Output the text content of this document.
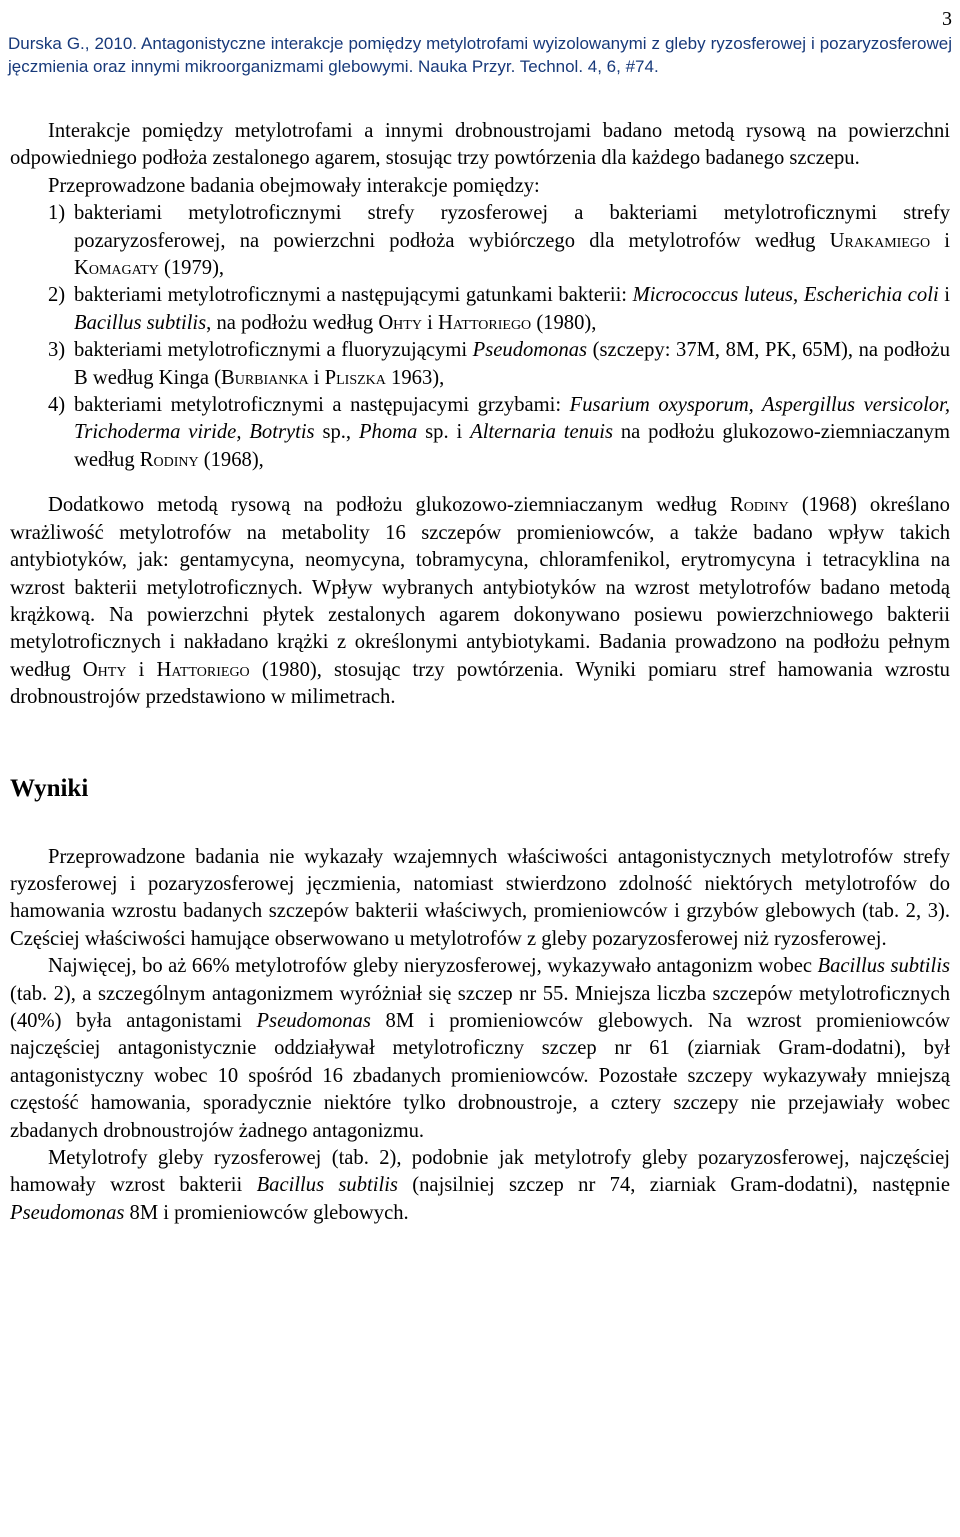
3
Durska G., 2010. Antagonistyczne interakcje pomiędzy metylotrofami wyizolowanymi z gleby ryzosferowej i pozaryzosferowej jęczmienia oraz innymi mikroorganizmami glebowymi. Nauka Przyr. Technol. 4, 6, #74.

Interakcje pomiędzy metylotrofami a innymi drobnoustrojami badano metodą rysową na powierzchni odpowiedniego podłoża zestalonego agarem, stosując trzy powtórzenia dla każdego badanego szczepu.

Przeprowadzone badania obejmowały interakcje pomiędzy:

1) bakteriami metylotroficznymi strefy ryzosferowej a bakteriami metylotroficznymi strefy pozaryzosferowej, na powierzchni podłoża wybiórczego dla metylotrofów według Urakamiego i Komagaty (1979),
2) bakteriami metylotroficznymi a następującymi gatunkami bakterii: Micrococcus luteus, Escherichia coli i Bacillus subtilis, na podłożu według Ohty i Hattoriego (1980),
3) bakteriami metylotroficznymi a fluoryzującymi Pseudomonas (szczepy: 37M, 8M, PK, 65M), na podłożu B według Kinga (Burbianka i Pliszka 1963),
4) bakteriami metylotroficznymi a następujacymi grzybami: Fusarium oxysporum, Aspergillus versicolor, Trichoderma viride, Botrytis sp., Phoma sp. i Alternaria tenuis na podłożu glukozowo-ziemniaczanym według Rodiny (1968),

Dodatkowo metodą rysową na podłożu glukozowo-ziemniaczanym według Rodiny (1968) określano wrażliwość metylotrofów na metabolity 16 szczepów promieniowców, a także badano wpływ takich antybiotyków, jak: gentamycyna, neomycyna, tobramycyna, chloramfenikol, erytromycyna i tetracyklina na wzrost bakterii metylotroficznych. Wpływ wybranych antybiotyków na wzrost metylotrofów badano metodą krążkową. Na powierzchni płytek zestalonych agarem dokonywano posiewu powierzchniowego bakterii metylotroficznych i nakładano krążki z określonymi antybiotykami. Badania prowadzono na podłożu pełnym według Ohty i Hattoriego (1980), stosując trzy powtórzenia. Wyniki pomiaru stref hamowania wzrostu drobnoustrojów przedstawiono w milimetrach.

Wyniki

Przeprowadzone badania nie wykazały wzajemnych właściwości antagonistycznych metylotrofów strefy ryzosferowej i pozaryzosferowej jęczmienia, natomiast stwierdzono zdolność niektórych metylotrofów do hamowania wzrostu badanych szczepów bakterii właściwych, promieniowców i grzybów glebowych (tab. 2, 3). Częściej właściwości hamujące obserwowano u metylotrofów z gleby pozaryzosferowej niż ryzosferowej.

Najwięcej, bo aż 66% metylotrofów gleby nieryzosferowej, wykazywało antagonizm wobec Bacillus subtilis (tab. 2), a szczególnym antagonizmem wyróżniał się szczep nr 55. Mniejsza liczba szczepów metylotroficznych (40%) była antagonistami Pseudomonas 8M i promieniowców glebowych. Na wzrost promieniowców najczęściej antagonistycznie oddziaływał metylotroficzny szczep nr 61 (ziarniak Gram-dodatni), był antagonistyczny wobec 10 spośród 16 zbadanych promieniowców. Pozostałe szczepy wykazywały mniejszą częstość hamowania, sporadycznie niektóre tylko drobnoustroje, a cztery szczepy nie przejawiały wobec zbadanych drobnoustrojów żadnego antagonizmu.

Metylotrofy gleby ryzosferowej (tab. 2), podobnie jak metylotrofy gleby pozaryzosferowej, najczęściej hamowały wzrost bakterii Bacillus subtilis (najsilniej szczep nr 74, ziarniak Gram-dodatni), następnie Pseudomonas 8M i promieniowców glebowych.
